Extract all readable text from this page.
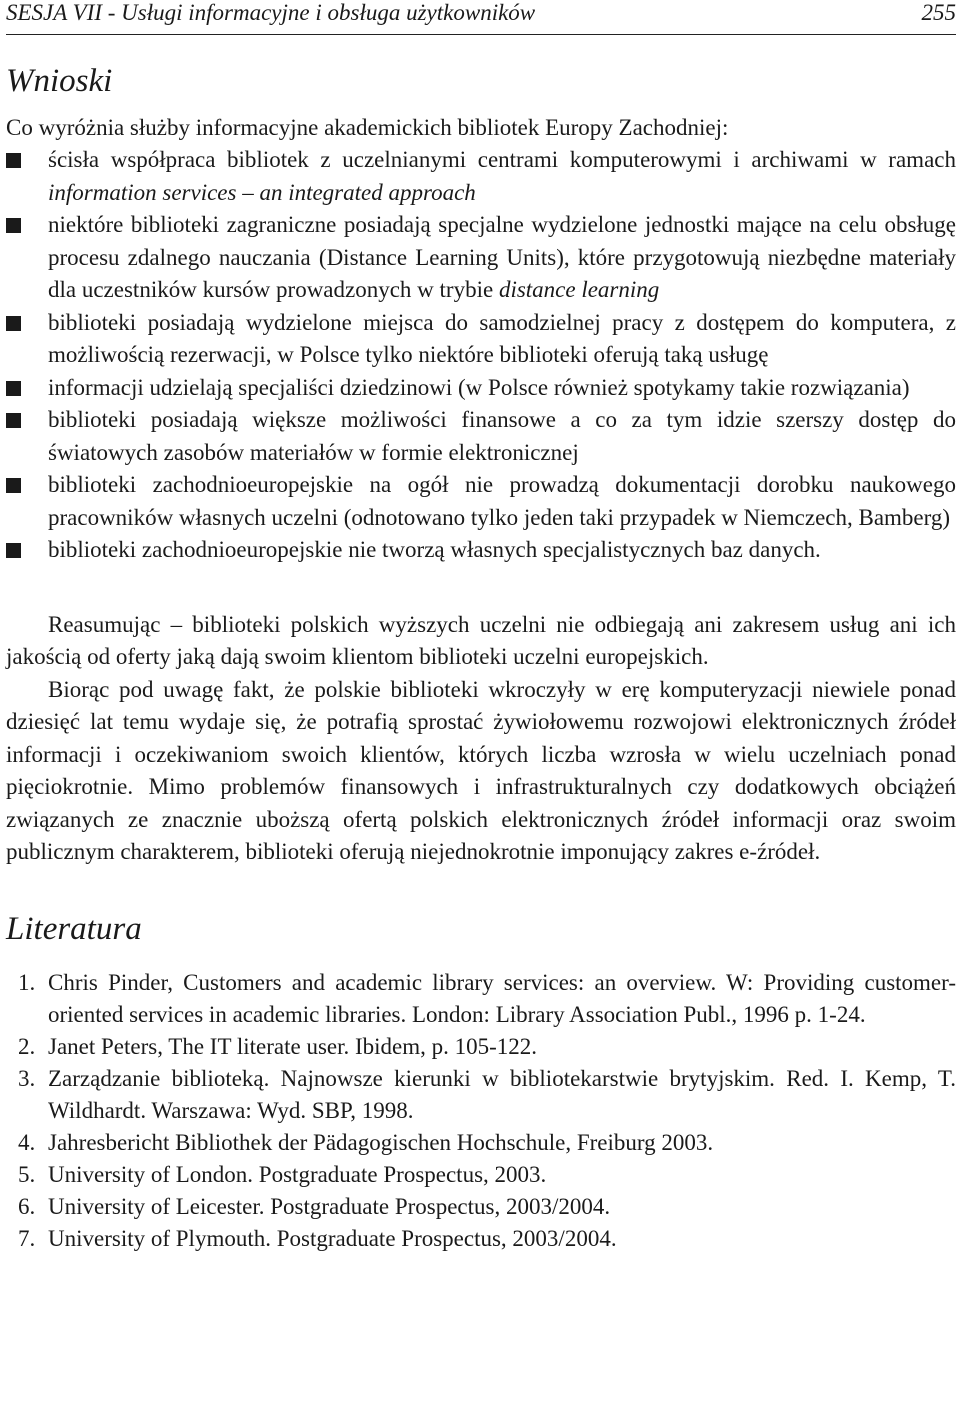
SESJA VII - Usługi informacyjne i obsługa użytkowników	255
Wnioski
Co wyróżnia służby informacyjne akademickich bibliotek Europy Zachodniej:
ścisła współpraca bibliotek z uczelnianymi centrami komputerowymi i archiwami w ramach information services – an integrated approach
niektóre biblioteki zagraniczne posiadają specjalne wydzielone jednostki mające na celu obsługę procesu zdalnego nauczania (Distance Learning Units), które przygotowują niezbędne materiały dla uczestników kursów prowadzonych w trybie distance learning
biblioteki posiadają wydzielone miejsca do samodzielnej pracy z dostępem do komputera, z możliwością rezerwacji, w Polsce tylko niektóre biblioteki oferują taką usługę
informacji udzielają specjaliści dziedzinowi (w Polsce również spotykamy takie rozwiązania)
biblioteki posiadają większe możliwości finansowe a co za tym idzie szerszy dostęp do światowych zasobów materiałów w formie elektronicznej
biblioteki zachodnioeuropejskie na ogół nie prowadzą dokumentacji dorobku naukowego pracowników własnych uczelni (odnotowano tylko jeden taki przypadek w Niemczech, Bamberg)
biblioteki zachodnioeuropejskie nie tworzą własnych specjalistycznych baz danych.

Reasumując – biblioteki polskich wyższych uczelni nie odbiegają ani zakresem usług ani ich jakością od oferty jaką dają swoim klientom biblioteki uczelni europejskich.

Biorąc pod uwagę fakt, że polskie biblioteki wkroczyły w erę komputeryzacji niewiele ponad dziesięć lat temu wydaje się, że potrafią sprostać żywiołowemu rozwojowi elektronicznych źródeł informacji i oczekiwaniom swoich klientów, których liczba wzrosła w wielu uczelniach ponad pięciokrotnie. Mimo problemów finansowych i infrastrukturalnych czy dodatkowych obciążeń związanych ze znacznie uboższą ofertą polskich elektronicznych źródeł informacji oraz swoim publicznym charakterem, biblioteki oferują niejednokrotnie imponujący zakres e-źródeł.

Literatura
1. Chris Pinder, Customers and academic library services: an overview. W: Providing customer-oriented services in academic libraries. London: Library Association Publ., 1996 p. 1-24.
2. Janet Peters, The IT literate user. Ibidem, p. 105-122.
3. Zarządzanie biblioteką. Najnowsze kierunki w bibliotekarstwie brytyjskim. Red. I. Kemp, T. Wildhardt. Warszawa: Wyd. SBP, 1998.
4. Jahresbericht Bibliothek der Pädagogischen Hochschule, Freiburg 2003.
5. University of London. Postgraduate Prospectus, 2003.
6. University of Leicester. Postgraduate Prospectus, 2003/2004.
7. University of Plymouth. Postgraduate Prospectus, 2003/2004.
